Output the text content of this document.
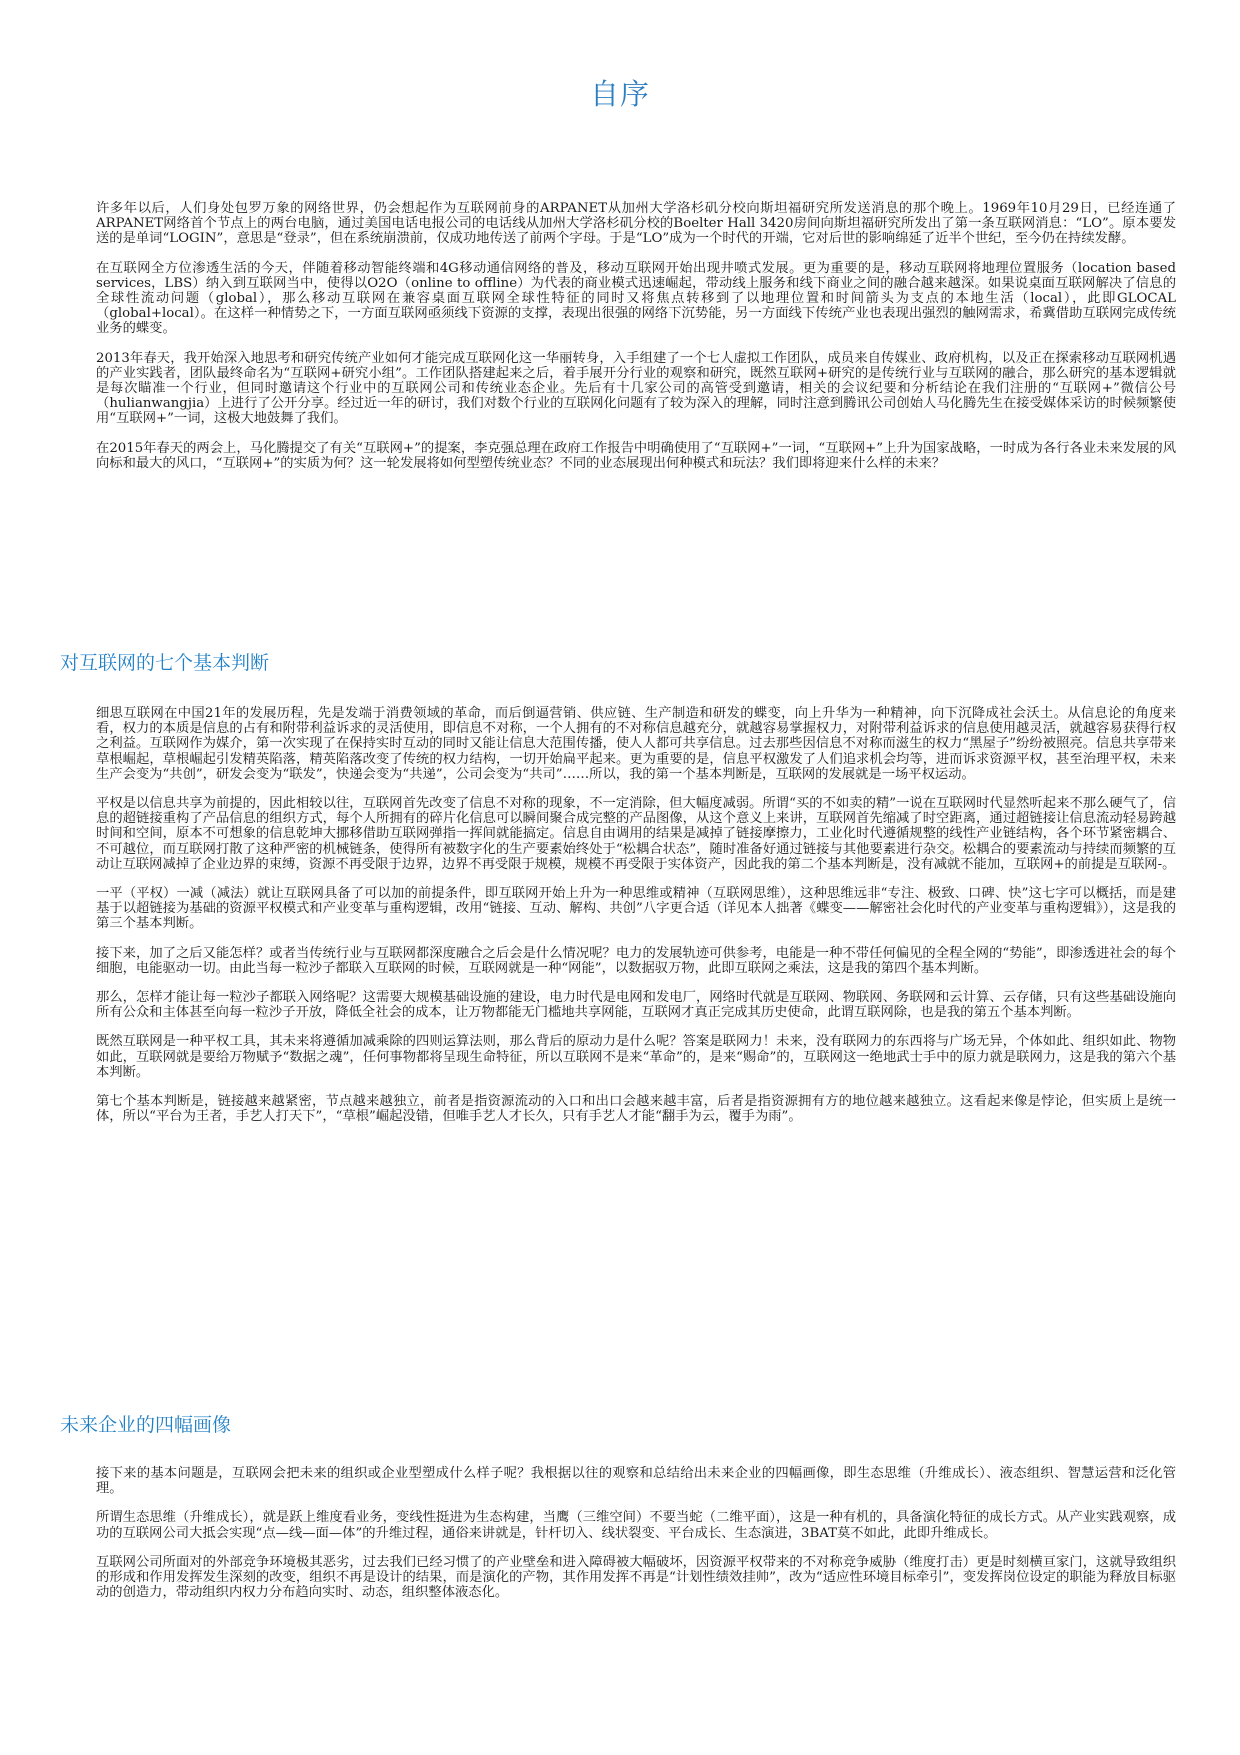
自序

许多年以后，人们身处包罗万象的网络世界，仍会想起作为互联网前身的ARPANET从加州大学洛杉矶分校向斯坦福研究所发送消息的那个晚上。1969年10月29日，已经连通了ARPANET网络首个节点上的两台电脑，通过美国电话电报公司的电话线从加州大学洛杉矶分校的Boelter Hall 3420房间向斯坦福研究所发出了第一条互联网消息：“LO”。原本要发送的是单词“LOGIN”，意思是“登录”，但在系统崩溃前，仅成功地传送了前两个字母。于是“LO”成为一个时代的开端，它对后世的影响绵延了近半个世纪，至今仍在持续发酵。

在互联网全方位渗透生活的今天，伴随着移动智能终端和4G移动通信网络的普及，移动互联网开始出现井喷式发展。更为重要的是，移动互联网将地理位置服务（location based services，LBS）纳入到互联网当中，使得以O2O（online to offline）为代表的商业模式迅速崛起，带动线上服务和线下商业之间的融合越来越深。如果说桌面互联网解决了信息的全球性流动问题（global），那么移动互联网在兼容桌面互联网全球性特征的同时又将焦点转移到了以地理位置和时间箭头为支点的本地生活（local），此即GLOCAL（global+local）。在这样一种情势之下，一方面互联网亟须线下资源的支撑，表现出很强的网络下沉势能，另一方面线下传统产业也表现出强烈的触网需求，希冀借助互联网完成传统业务的蝶变。

2013年春天，我开始深入地思考和研究传统产业如何才能完成互联网化这一华丽转身，入手组建了一个七人虚拟工作团队，成员来自传媒业、政府机构，以及正在探索移动互联网机遇的产业实践者，团队最终命名为“互联网+研究小组”。工作团队搭建起来之后，着手展开分行业的观察和研究，既然互联网+研究的是传统行业与互联网的融合，那么研究的基本逻辑就是每次瞄准一个行业，但同时邀请这个行业中的互联网公司和传统业态企业。先后有十几家公司的高管受到邀请，相关的会议纪要和分析结论在我们注册的“互联网+”微信公号（hulianwangjia）上进行了公开分享。经过近一年的研讨，我们对数个行业的互联网化问题有了较为深入的理解，同时注意到腾讯公司创始人马化腾先生在接受媒体采访的时候频繁使用“互联网+”一词，这极大地鼓舞了我们。

在2015年春天的两会上，马化腾提交了有关“互联网+”的提案，李克强总理在政府工作报告中明确使用了“互联网+”一词，“互联网+”上升为国家战略，一时成为各行各业未来发展的风向标和最大的风口，“互联网+”的实质为何？这一轮发展将如何型塑传统业态？不同的业态展现出何种模式和玩法？我们即将迎来什么样的未来？

对互联网的七个基本判断

细思互联网在中国21年的发展历程，先是发端于消费领域的革命，而后倒逼营销、供应链、生产制造和研发的蝶变，向上升华为一种精神，向下沉降成社会沃土。从信息论的角度来看，权力的本质是信息的占有和附带利益诉求的灵活使用，即信息不对称，一个人拥有的不对称信息越充分，就越容易掌握权力，对附带利益诉求的信息使用越灵活，就越容易获得行权之利益。互联网作为媒介，第一次实现了在保持实时互动的同时又能让信息大范围传播，使人人都可共享信息。过去那些因信息不对称而滋生的权力“黑屋子”纷纷被照亮。信息共享带来草根崛起，草根崛起引发精英陷落，精英陷落改变了传统的权力结构，一切开始扁平起来。更为重要的是，信息平权激发了人们追求机会均等，进而诉求资源平权，甚至治理平权，未来生产会变为“共创”，研发会变为“联发”，快递会变为“共递”，公司会变为“共司”……所以，我的第一个基本判断是，互联网的发展就是一场平权运动。

平权是以信息共享为前提的，因此相较以往，互联网首先改变了信息不对称的现象，不一定消除，但大幅度减弱。所谓“买的不如卖的精”一说在互联网时代显然听起来不那么硬气了，信息的超链接重构了产品信息的组织方式，每个人所拥有的碎片化信息可以瞬间聚合成完整的产品图像，从这个意义上来讲，互联网首先缩减了时空距离，通过超链接让信息流动轻易跨越时间和空间，原本不可想象的信息乾坤大挪移借助互联网弹指一挥间就能搞定。信息自由调用的结果是减掉了链接摩擦力，工业化时代遵循规整的线性产业链结构，各个环节紧密耦合、不可越位，而互联网打散了这种严密的机械链条，使得所有被数字化的生产要素始终处于“松耦合状态”，随时准备好通过链接与其他要素进行杂交。松耦合的要素流动与持续而频繁的互动让互联网减掉了企业边界的束缚，资源不再受限于边界，边界不再受限于规模，规模不再受限于实体资产，因此我的第二个基本判断是，没有减就不能加，互联网+的前提是互联网-。

一平（平权）一减（减法）就让互联网具备了可以加的前提条件，即互联网开始上升为一种思维或精神（互联网思维），这种思维远非“专注、极致、口碑、快”这七字可以概括，而是建基于以超链接为基础的资源平权模式和产业变革与重构逻辑，改用“链接、互动、解构、共创”八字更合适（详见本人拙著《蝶变——解密社会化时代的产业变革与重构逻辑》），这是我的第三个基本判断。

接下来，加了之后又能怎样？或者当传统行业与互联网都深度融合之后会是什么情况呢？电力的发展轨迹可供参考，电能是一种不带任何偏见的全程全网的“势能”，即渗透进社会的每个细胞，电能驱动一切。由此当每一粒沙子都联入互联网的时候，互联网就是一种“网能”，以数据驭万物，此即互联网之乘法，这是我的第四个基本判断。

那么，怎样才能让每一粒沙子都联入网络呢？这需要大规模基础设施的建设，电力时代是电网和发电厂，网络时代就是互联网、物联网、务联网和云计算、云存储，只有这些基础设施向所有公众和主体甚至向每一粒沙子开放，降低全社会的成本，让万物都能无门槛地共享网能，互联网才真正完成其历史使命，此谓互联网除，也是我的第五个基本判断。

既然互联网是一种平权工具，其未来将遵循加减乘除的四则运算法则，那么背后的原动力是什么呢？答案是联网力！未来，没有联网力的东西将与广场无异，个体如此、组织如此、物物如此，互联网就是要给万物赋予“数据之魂”，任何事物都将呈现生命特征，所以互联网不是来“革命”的，是来“赐命”的，互联网这一绝地武士手中的原力就是联网力，这是我的第六个基本判断。

第七个基本判断是，链接越来越紧密，节点越来越独立，前者是指资源流动的入口和出口会越来越丰富，后者是指资源拥有方的地位越来越独立。这看起来像是悖论，但实质上是统一体，所以“平台为王者，手艺人打天下”，“草根”崛起没错，但唯手艺人才长久，只有手艺人才能“翻手为云，覆手为雨”。

未来企业的四幅画像

接下来的基本问题是，互联网会把未来的组织或企业型塑成什么样子呢？我根据以往的观察和总结给出未来企业的四幅画像，即生态思维（升维成长）、液态组织、智慧运营和泛化管理。

所谓生态思维（升维成长），就是跃上维度看业务，变线性挺进为生态构建，当鹰（三维空间）不要当蛇（二维平面），这是一种有机的，具备演化特征的成长方式。从产业实践观察，成功的互联网公司大抵会实现“点—线—面—体”的升维过程，通俗来讲就是，针杆切入、线状裂变、平台成长、生态演进，3BAT莫不如此，此即升维成长。

互联网公司所面对的外部竞争环境极其恶劣，过去我们已经习惯了的产业壁垒和进入障碍被大幅破坏，因资源平权带来的不对称竞争威胁（维度打击）更是时刻横亘家门，这就导致组织的形成和作用发挥发生深刻的改变，组织不再是设计的结果，而是演化的产物，其作用发挥不再是“计划性绩效挂帅”，改为“适应性环境目标牵引”，变发挥岗位设定的职能为释放目标驱动的创造力，带动组织内权力分布趋向实时、动态，组织整体液态化。
